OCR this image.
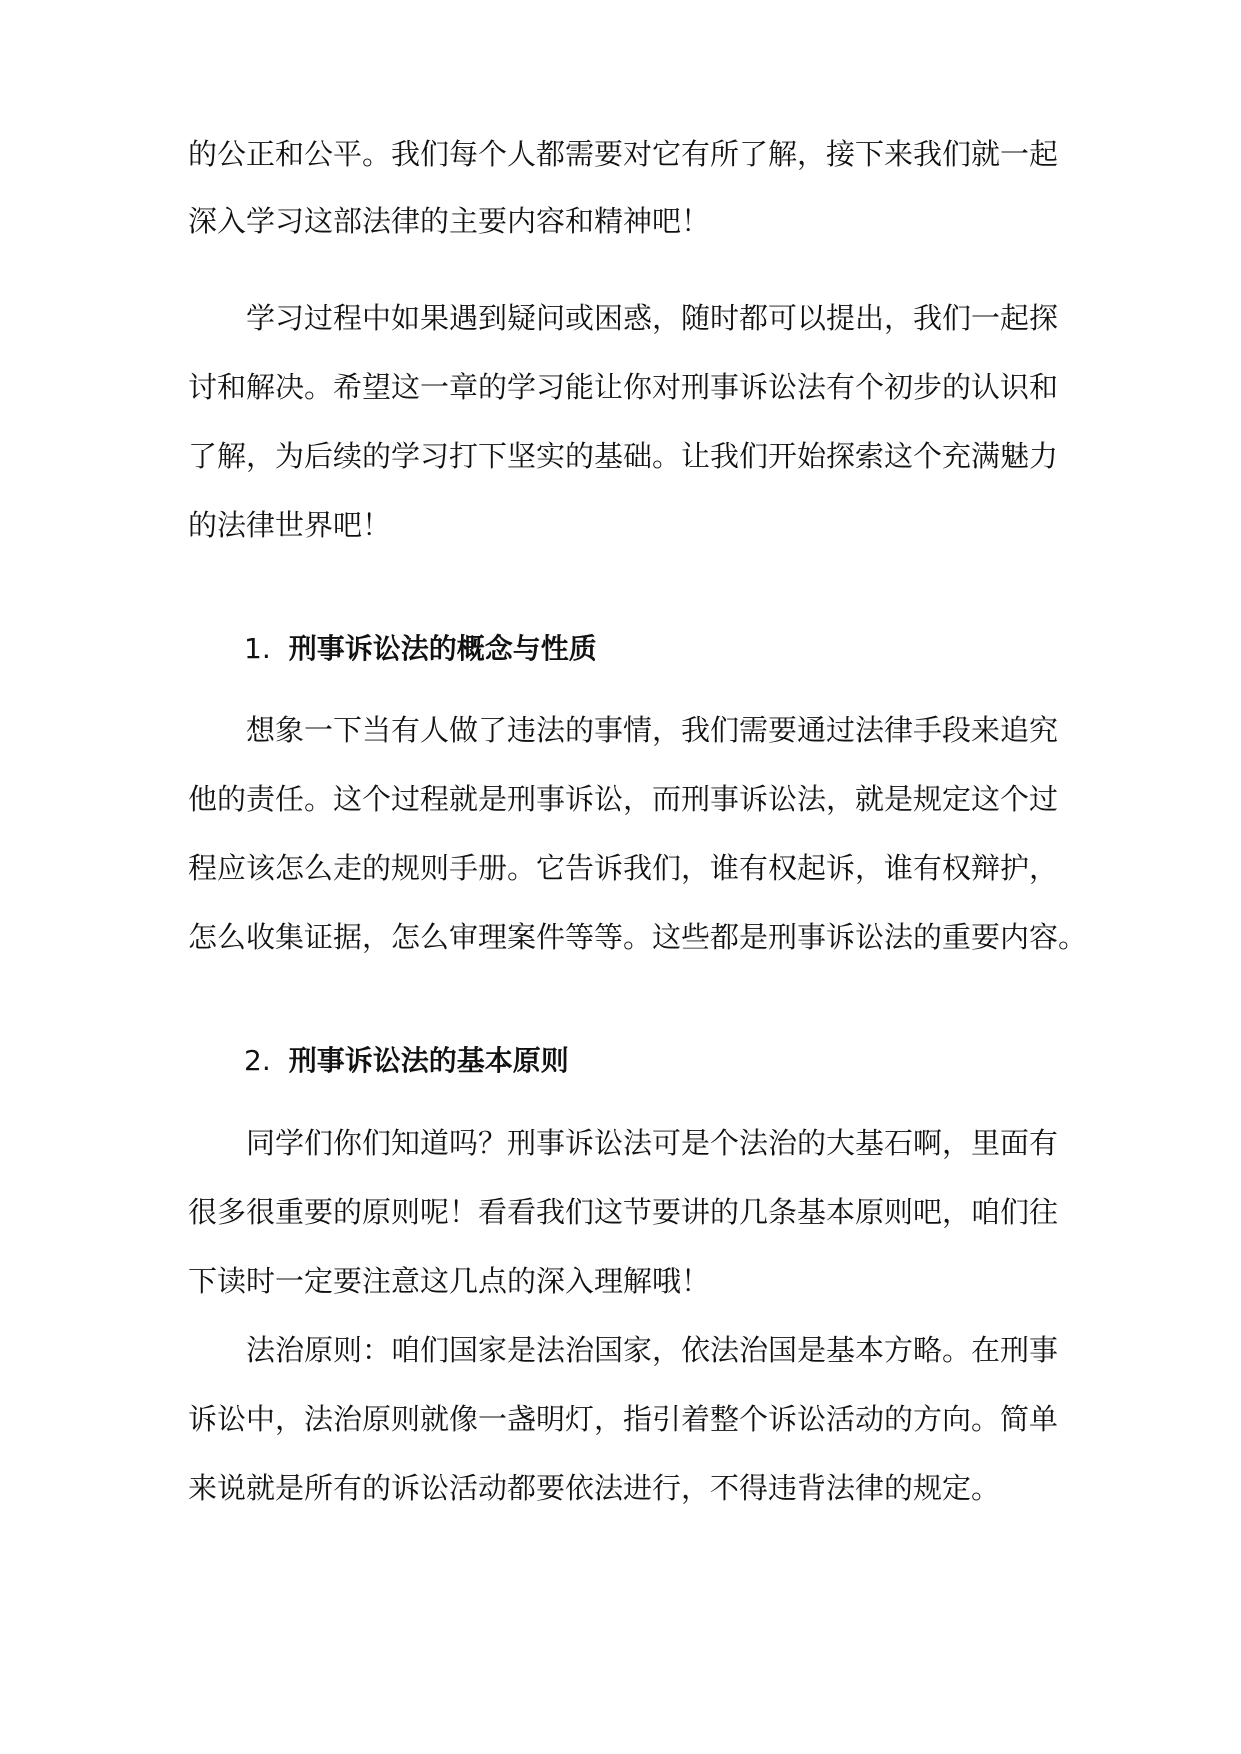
的公正和公平。我们每个人都需要对它有所了解，接下来我们就一起
深入学习这部法律的主要内容和精神吧！
学习过程中如果遇到疑问或困惑，随时都可以提出，我们一起探
讨和解决。希望这一章的学习能让你对刑事诉讼法有个初步的认识和
了解，为后续的学习打下坚实的基础。让我们开始探索这个充满魅力
的法律世界吧！
1. 刑事诉讼法的概念与性质
想象一下当有人做了违法的事情，我们需要通过法律手段来追究
他的责任。这个过程就是刑事诉讼，而刑事诉讼法，就是规定这个过
程应该怎么走的规则手册。它告诉我们，谁有权起诉，谁有权辩护，
怎么收集证据，怎么审理案件等等。这些都是刑事诉讼法的重要内容。
2. 刑事诉讼法的基本原则
同学们你们知道吗？刑事诉讼法可是个法治的大基石啊，里面有
很多很重要的原则呢！看看我们这节要讲的几条基本原则吧，咱们往
下读时一定要注意这几点的深入理解哦！
法治原则：咱们国家是法治国家，依法治国是基本方略。在刑事
诉讼中，法治原则就像一盏明灯，指引着整个诉讼活动的方向。简单
来说就是所有的诉讼活动都要依法进行，不得违背法律的规定。
